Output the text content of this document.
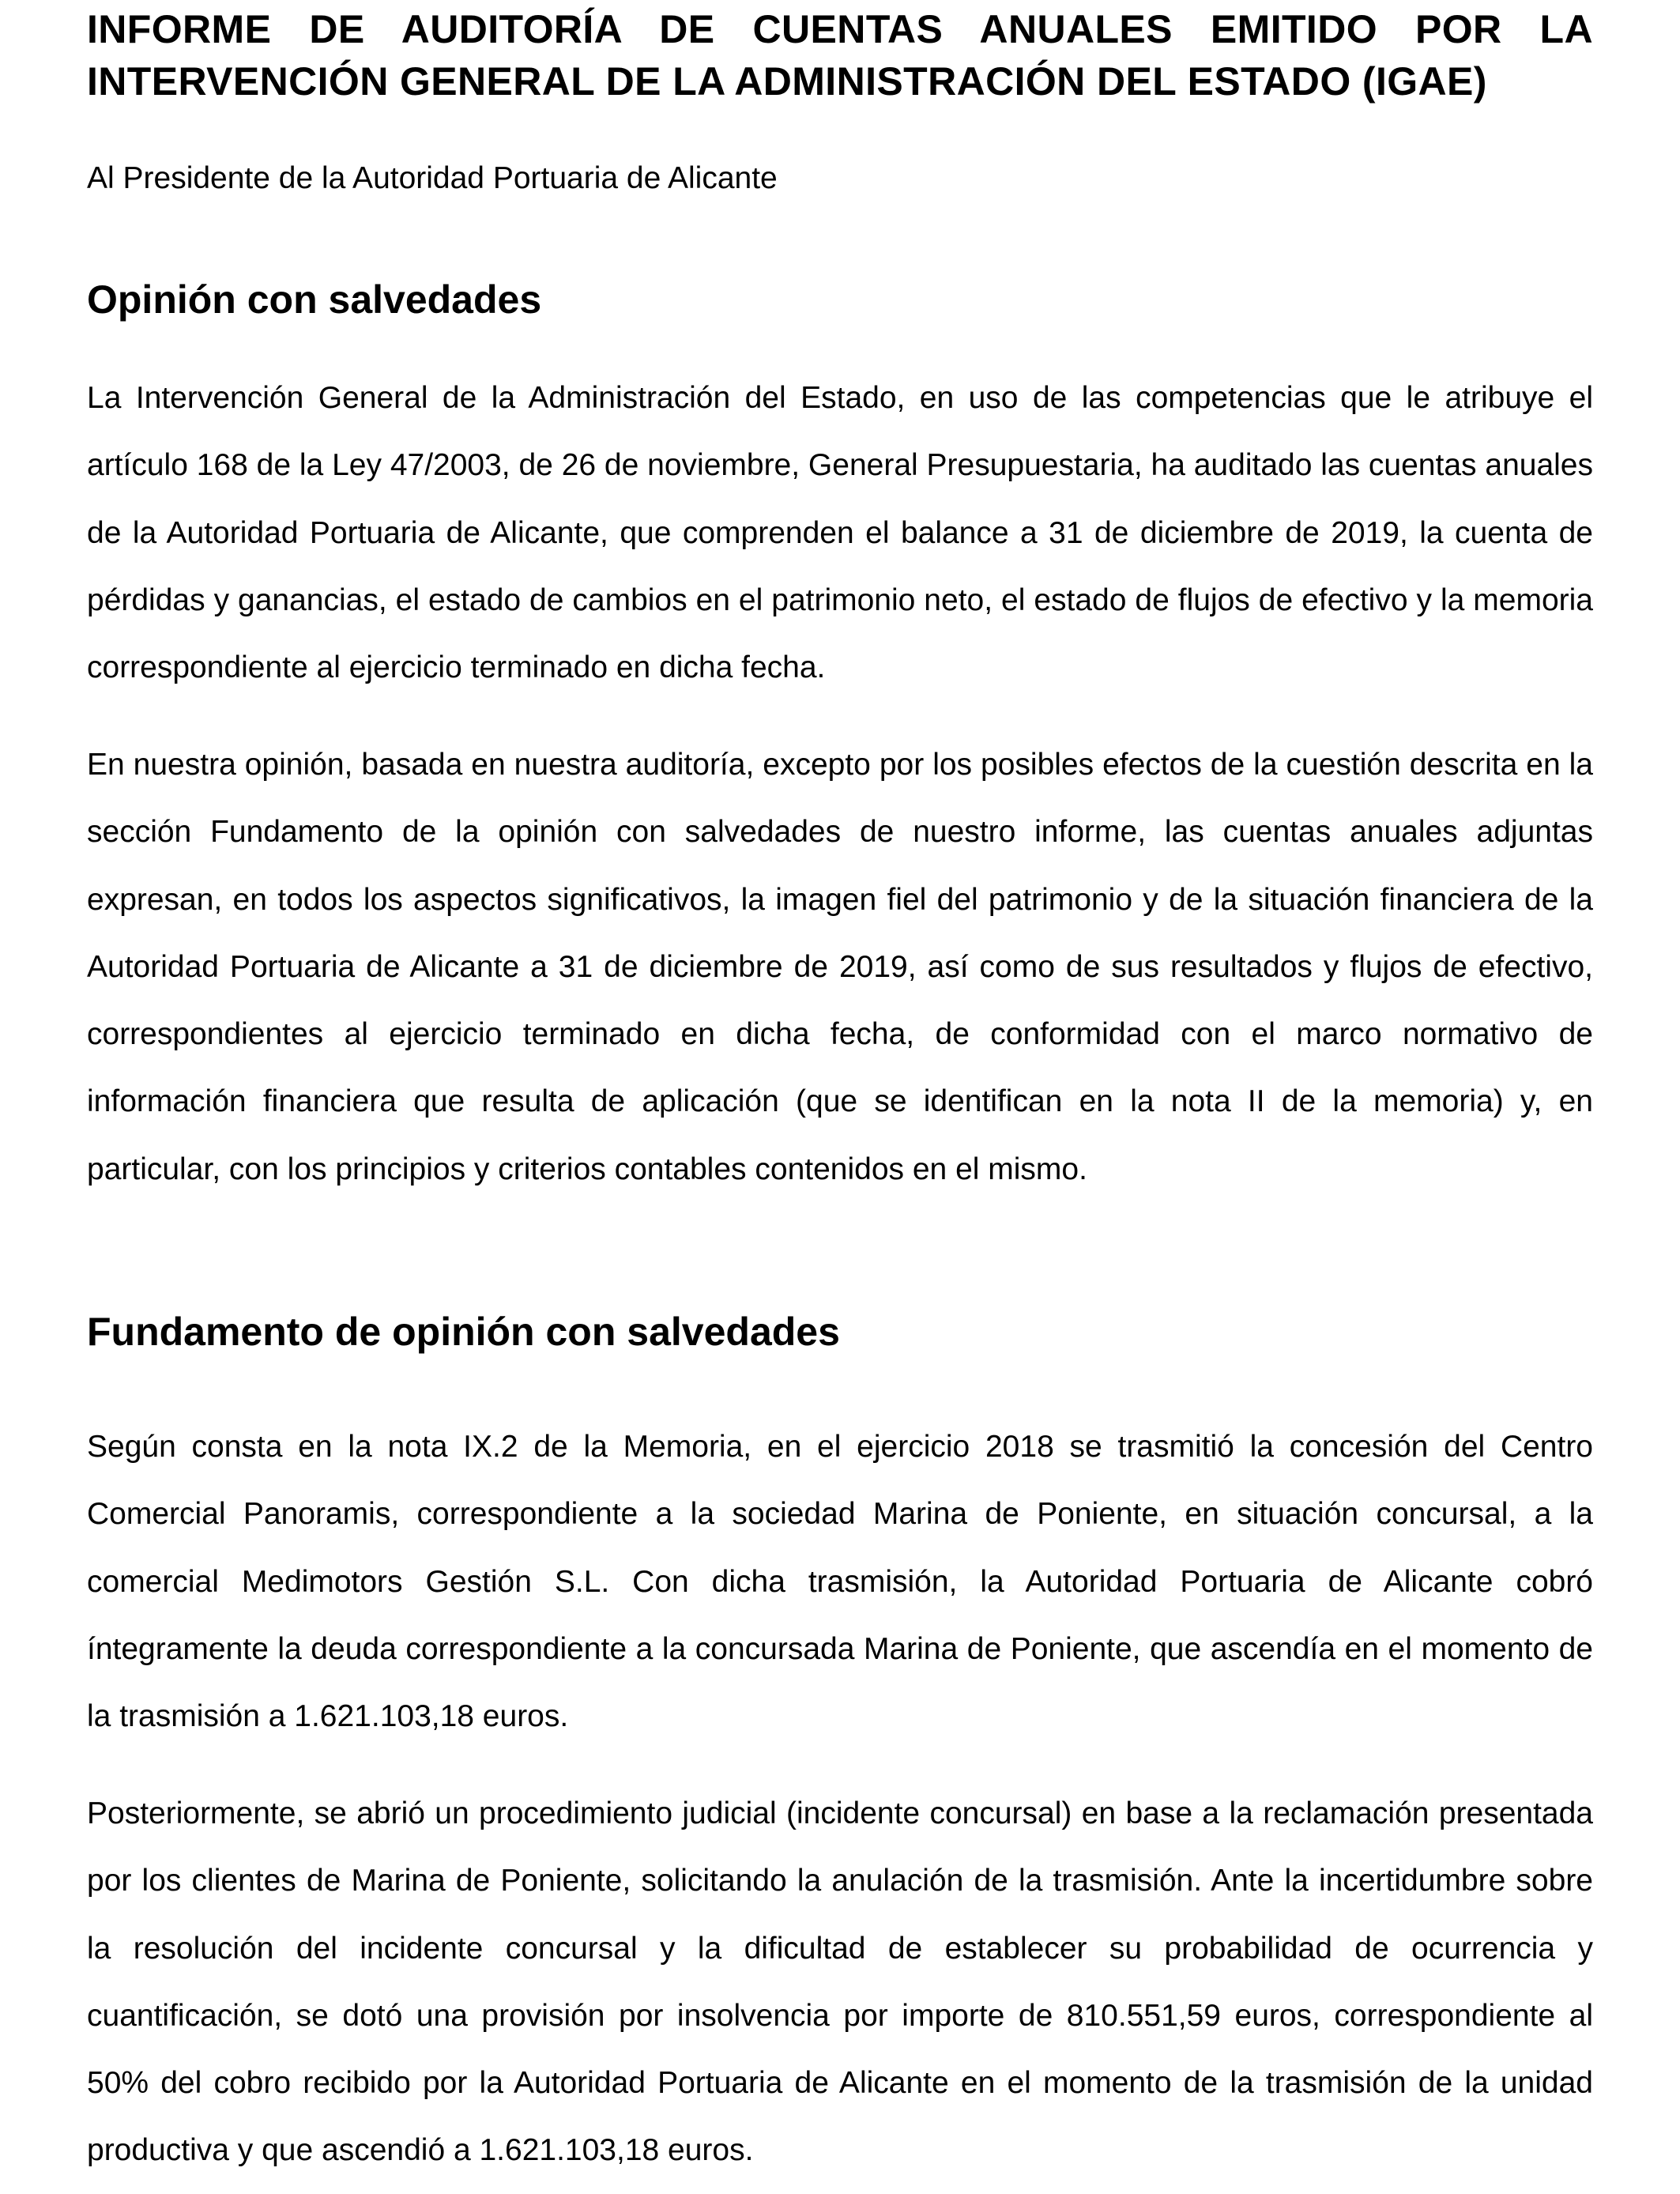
INFORME DE AUDITORÍA DE CUENTAS ANUALES EMITIDO POR LA
INTERVENCIÓN GENERAL DE LA ADMINISTRACIÓN DEL ESTADO (IGAE)

Al Presidente de la Autoridad Portuaria de Alicante

Opinión con salvedades

La Intervención General de la Administración del Estado, en uso de las competencias que le atribuye el artículo 168 de la Ley 47/2003, de 26 de noviembre, General Presupuestaria, ha auditado las cuentas anuales de la Autoridad Portuaria de Alicante, que comprenden el balance a 31 de diciembre de 2019, la cuenta de pérdidas y ganancias, el estado de cambios en el patrimonio neto, el estado de flujos de efectivo y la memoria correspondiente al ejercicio terminado en dicha fecha.

En nuestra opinión, basada en nuestra auditoría, excepto por los posibles efectos de la cuestión descrita en la sección Fundamento de la opinión con salvedades de nuestro informe, las cuentas anuales adjuntas expresan, en todos los aspectos significativos, la imagen fiel del patrimonio y de la situación financiera de la Autoridad Portuaria de Alicante a 31 de diciembre de 2019, así como de sus resultados y flujos de efectivo, correspondientes al ejercicio terminado en dicha fecha, de conformidad con el marco normativo de información financiera que resulta de aplicación (que se identifican en la nota II de la memoria) y, en particular, con los principios y criterios contables contenidos en el mismo.

Fundamento de opinión con salvedades

Según consta en la nota IX.2 de la Memoria, en el ejercicio 2018 se trasmitió la concesión del Centro Comercial Panoramis, correspondiente a la sociedad Marina de Poniente, en situación concursal, a la comercial Medimotors Gestión S.L. Con dicha trasmisión, la Autoridad Portuaria de Alicante cobró íntegramente la deuda correspondiente a la concursada Marina de Poniente, que ascendía en el momento de la trasmisión a 1.621.103,18 euros.

Posteriormente, se abrió un procedimiento judicial (incidente concursal) en base a la reclamación presentada por los clientes de Marina de Poniente, solicitando la anulación de la trasmisión. Ante la incertidumbre sobre la resolución del incidente concursal y la dificultad de establecer su probabilidad de ocurrencia y cuantificación, se dotó una provisión por insolvencia por importe de 810.551,59 euros, correspondiente al 50% del cobro recibido por la Autoridad Portuaria de Alicante en el momento de la trasmisión de la unidad productiva y que ascendió a 1.621.103,18 euros.
